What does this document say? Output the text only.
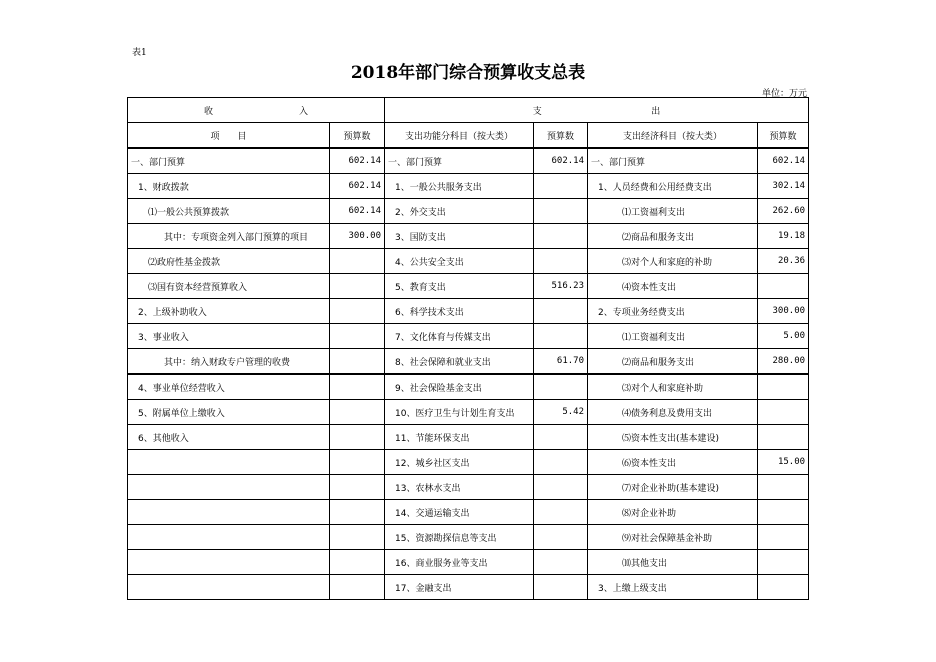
表1
2018年部门综合预算收支总表
单位：万元
收 入		支 出			

项　　目	预算数	支出功能分科目（按大类）	预算数	支出经济科目（按大类）	预算数
一、部门预算	602.14	一、部门预算	602.14	一、部门预算	602.14
1、财政拨款	602.14	1、一般公共服务支出		1、人员经费和公用经费支出	302.14
⑴一般公共预算拨款	602.14	2、外交支出		⑴工资福利支出	262.60
其中：专项资金列入部门预算的项目	300.00	3、国防支出		⑵商品和服务支出	19.18
⑵政府性基金拨款		4、公共安全支出		⑶对个人和家庭的补助	20.36
⑶国有资本经营预算收入		5、教育支出	516.23	⑷资本性支出	
2、上级补助收入		6、科学技术支出		2、专项业务经费支出	300.00
3、事业收入		7、文化体育与传媒支出		⑴工资福利支出	5.00
其中：纳入财政专户管理的收费		8、社会保障和就业支出	61.70	⑵商品和服务支出	280.00
4、事业单位经营收入		9、社会保险基金支出		⑶对个人和家庭补助	
5、附属单位上缴收入		10、医疗卫生与计划生育支出	5.42	⑷债务利息及费用支出	
6、其他收入		11、节能环保支出		⑸资本性支出(基本建设)	
		12、城乡社区支出		⑹资本性支出	15.00
		13、农林水支出		⑺对企业补助(基本建设)	
		14、交通运输支出		⑻对企业补助	
		15、资源勘探信息等支出		⑼对社会保障基金补助	
		16、商业服务业等支出		⑽其他支出	
		17、金融支出		3、上缴上级支出	
